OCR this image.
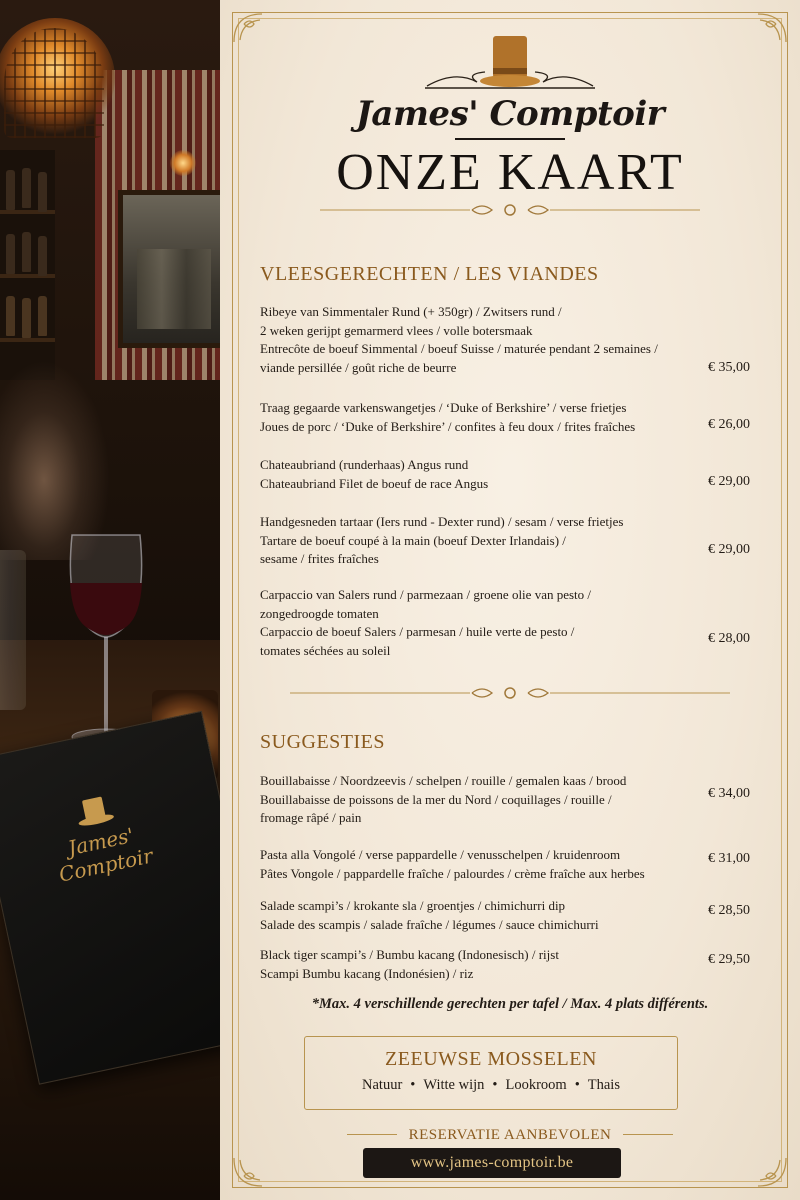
James' Comptoir
James' Comptoir
ONZE KAART
VLEESGERECHTEN / LES VIANDES
Ribeye van Simmentaler Rund (+ 350gr) / Zwitsers rund /
2 weken gerijpt gemarmerd vlees / volle botersmaak
Entrecôte de boeuf Simmental / boeuf Suisse / maturée pendant 2 semaines /
viande persillée / goût riche de beurre	€ 35,00
Traag gegaarde varkenswangetjes / ‘Duke of Berkshire’ / verse frietjes
Joues de porc / ‘Duke of Berkshire’ / confites à feu doux / frites fraîches	€ 26,00
Chateaubriand (runderhaas) Angus rund
Chateaubriand Filet de boeuf de race Angus	€ 29,00
Handgesneden tartaar (Iers rund - Dexter rund) / sesam / verse frietjes
Tartare de boeuf coupé à la main (boeuf Dexter Irlandais) /
sesame / frites fraîches
€ 29,00
Carpaccio van Salers rund / parmezaan / groene olie van pesto /
zongedroogde tomaten
Carpaccio de boeuf Salers / parmesan / huile verte de pesto /
tomates séchées au soleil
€ 28,00
SUGGESTIES
Bouillabaisse / Noordzeevis / schelpen / rouille / gemalen kaas / brood
Bouillabaisse de poissons de la mer du Nord / coquillages / rouille /
fromage râpé / pain
€ 34,00
Pasta alla Vongolé / verse pappardelle / venusschelpen / kruidenroom
Pâtes Vongole / pappardelle fraîche / palourdes / crème fraîche aux herbes
€ 31,00
Salade scampi’s / krokante sla / groentjes / chimichurri dip
Salade des scampis / salade fraîche / légumes / sauce chimichurri
€ 28,50
Black tiger scampi’s / Bumbu kacang (Indonesisch) / rijst
Scampi Bumbu kacang (Indonésien) / riz
€ 29,50
*Max. 4 verschillende gerechten per tafel / Max. 4 plats différents.
ZEEUWSE MOSSELEN
Natuur • Witte wijn • Lookroom • Thais
RESERVATIE AANBEVOLEN
www.james-comptoir.be
